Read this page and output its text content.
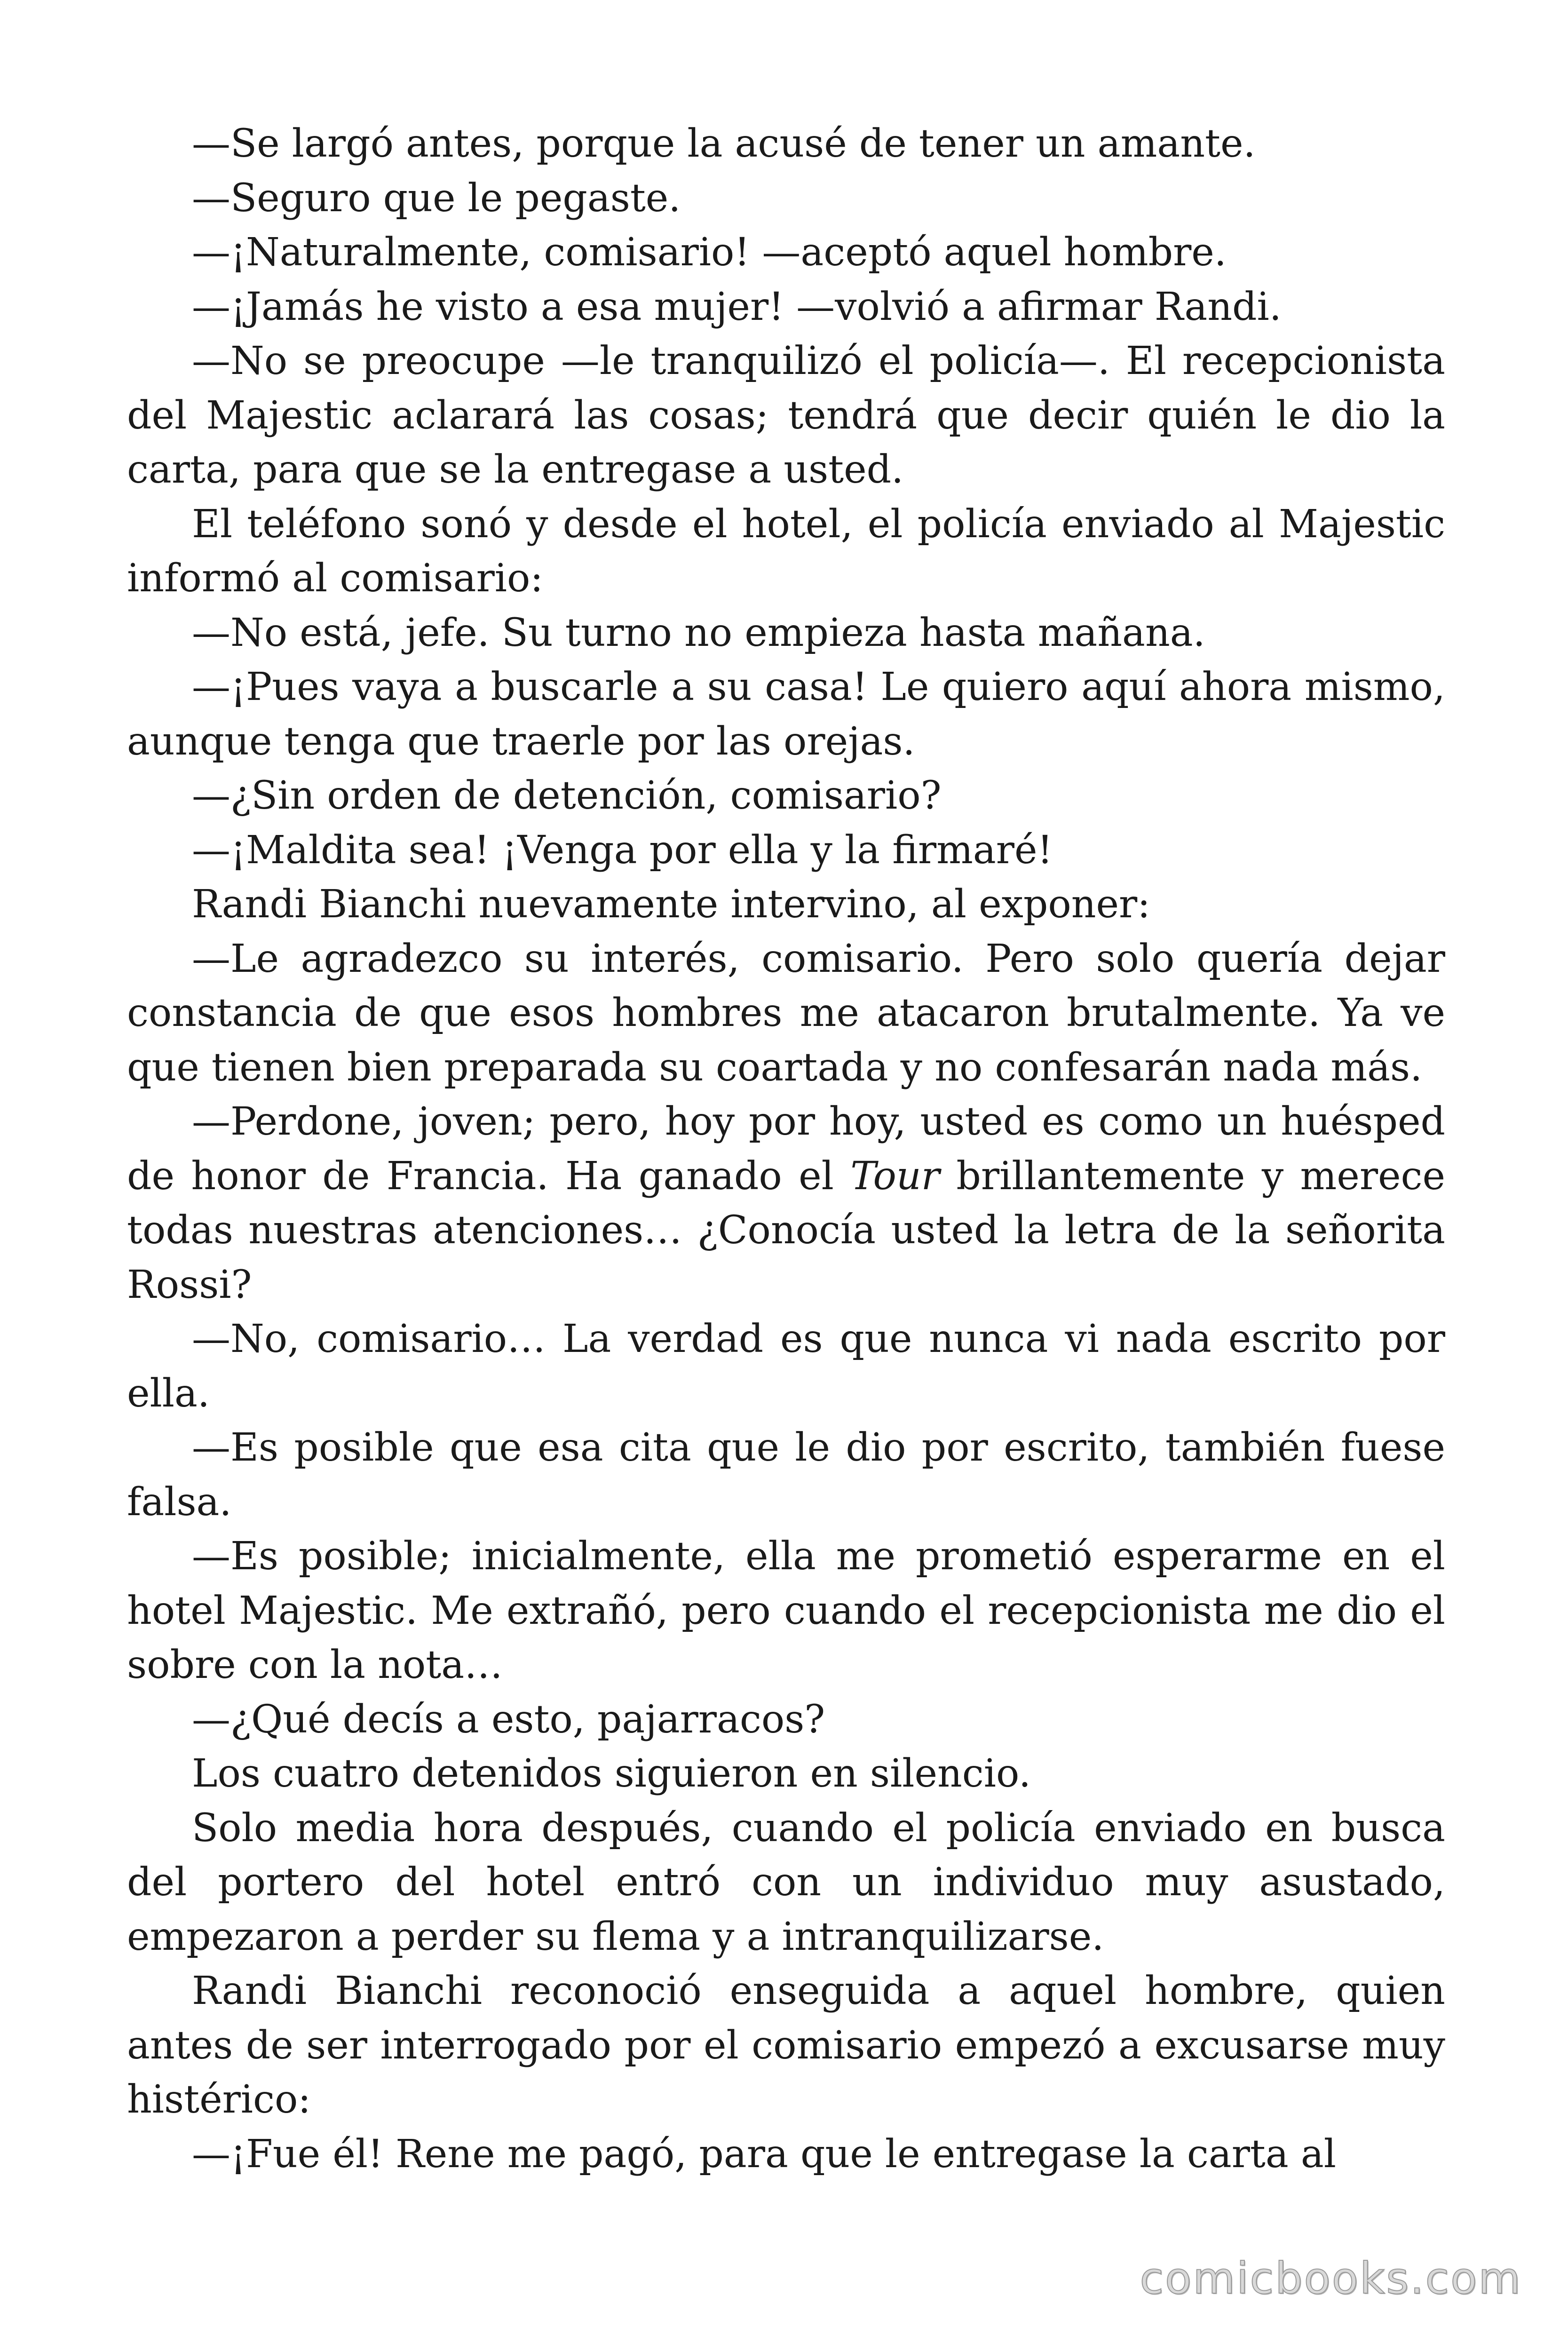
—Se largó antes, porque la acusé de tener un amante.

—Seguro que le pegaste.

—¡Naturalmente, comisario! —aceptó aquel hombre.

—¡Jamás he visto a esa mujer! —volvió a afirmar Randi.

—No se preocupe —le tranquilizó el policía—. El recepcionista del Majestic aclarará las cosas; tendrá que decir quién le dio la carta, para que se la entregase a usted.

El teléfono sonó y desde el hotel, el policía enviado al Majestic informó al comisario:

—No está, jefe. Su turno no empieza hasta mañana.

—¡Pues vaya a buscarle a su casa! Le quiero aquí ahora mismo, aunque tenga que traerle por las orejas.

—¿Sin orden de detención, comisario?

—¡Maldita sea! ¡Venga por ella y la firmaré!

Randi Bianchi nuevamente intervino, al exponer:

—Le agradezco su interés, comisario. Pero solo quería dejar constancia de que esos hombres me atacaron brutalmente. Ya ve que tienen bien preparada su coartada y no confesarán nada más.

—Perdone, joven; pero, hoy por hoy, usted es como un huésped de honor de Francia. Ha ganado el Tour brillantemente y merece todas nuestras atenciones… ¿Conocía usted la letra de la señorita Rossi?

—No, comisario… La verdad es que nunca vi nada escrito por ella.

—Es posible que esa cita que le dio por escrito, también fuese falsa.

—Es posible; inicialmente, ella me prometió esperarme en el hotel Majestic. Me extrañó, pero cuando el recepcionista me dio el sobre con la nota…

—¿Qué decís a esto, pajarracos?

Los cuatro detenidos siguieron en silencio.

Solo media hora después, cuando el policía enviado en busca del portero del hotel entró con un individuo muy asustado, empezaron a perder su flema y a intranquilizarse.

Randi Bianchi reconoció enseguida a aquel hombre, quien antes de ser interrogado por el comisario empezó a excusarse muy histérico:

—¡Fue él! Rene me pagó, para que le entregase la carta al

comicbooks.com
